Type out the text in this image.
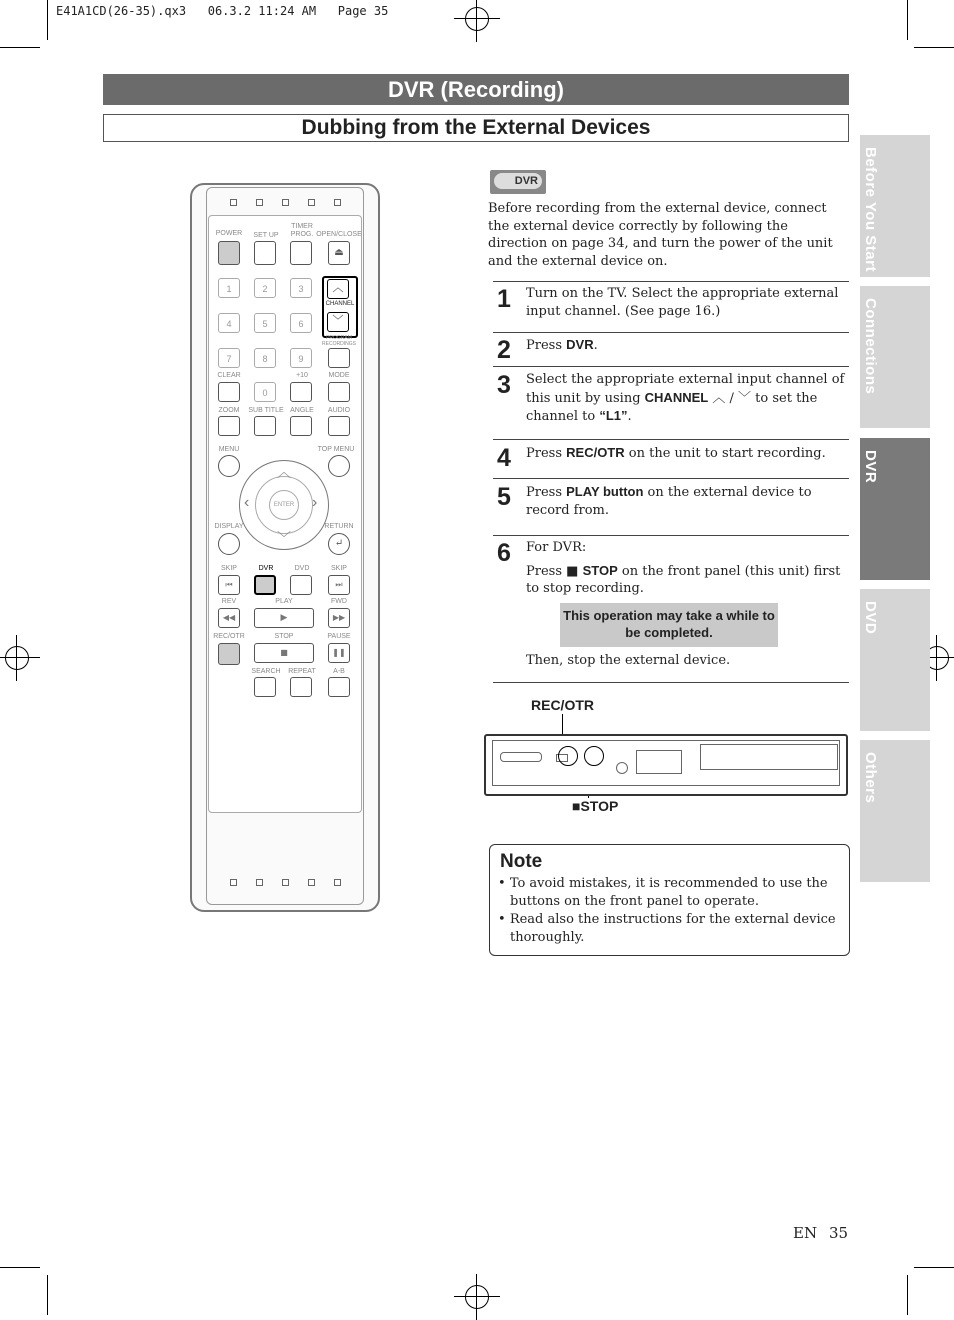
E41A1CD(26-35).qx3   06.3.2 11:24 AM   Page 35
DVR (Recording)
Dubbing from the External Devices
Before You Start
Connections
DVR
DVD
Others
POWER	SET UP
TIMER
PROG. OPEN/CLOSE
⏏
1	2	3
4	5	6
7	8	9
︿
CHANNEL
﹀
PROGRAM
RECORDINGS
CLEAR	+10	MODE
0
ZOOM	SUB TITLE ANGLE	AUDIO
MENU	TOP MENU
ENTER
︿
﹀
‹	›
DISPLAY	RETURN
↵
SKIP	DVR	DVD	SKIP
⏮	⏭
REV	PLAY	FWD
◀◀	▶	▶▶
REC/OTR	STOP	PAUSE
■	❚❚
SEARCH	REPEAT	A-B
DVR
Before recording from the external device, connect the external device correctly by following the direction on page 34, and turn the power of the unit and the external device on.
1 Turn on the TV. Select the appropriate external input channel. (See page 16.)
2 Press DVR.
3 Select the appropriate external input channel of this unit by using CHANNEL ︿ / ﹀ to set the channel to “L1”.
4 Press REC/OTR on the unit to start recording.
5 Press PLAY button on the external device to record from.
6 For DVR:
Press ■ STOP on the front panel (this unit) first to stop recording.
This operation may take a while to be completed.
Then, stop the external device.
REC/OTR
■STOP
Note
• To avoid mistakes, it is recommended to use the buttons on the front panel to operate.
• Read also the instructions for the external device thoroughly.
EN 35
